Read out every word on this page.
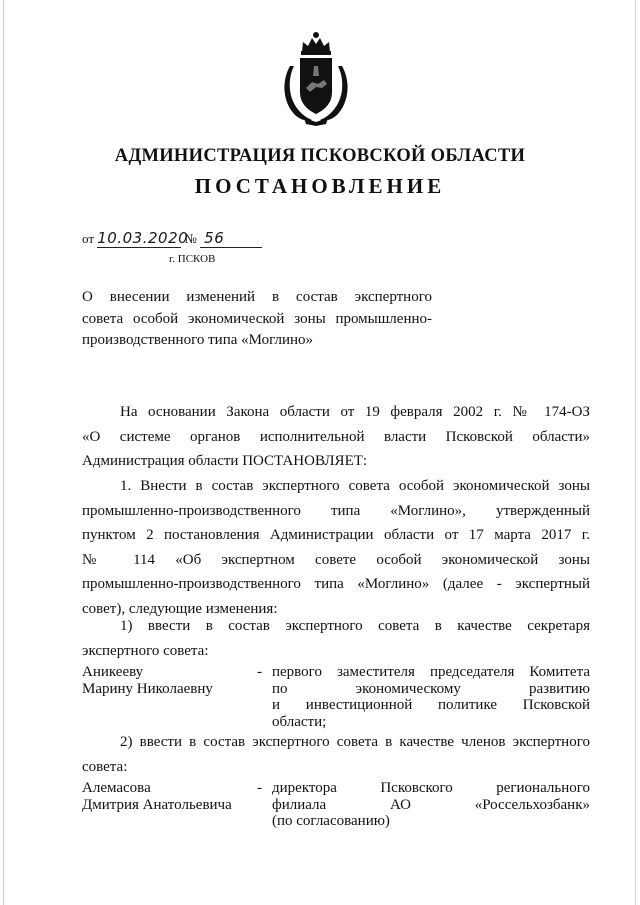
АДМИНИСТРАЦИЯ ПСКОВСКОЙ ОБЛАСТИ
ПОСТАНОВЛЕНИЕ
от 10.03.2020 № 56
г. ПСКОВ
О внесении изменений в состав экспертного
совета особой экономической зоны промышленно-
производственного типа «Моглино»
На основании Закона области от 19 февраля 2002 г. № 174-ОЗ
«О системе органов исполнительной власти Псковской области»
Администрация области ПОСТАНОВЛЯЕТ:
1. Внести в состав экспертного совета особой экономической зоны
промышленно-производственного типа «Моглино», утвержденный
пунктом 2 постановления Администрации области от 17 марта 2017 г.
№ 114 «Об экспертном совете особой экономической зоны
промышленно-производственного типа «Моглино» (далее - экспертный
совет), следующие изменения:
1) ввести в состав экспертного совета в качестве секретаря
экспертного совета:
Аникееву
Марину Николаевну
- первого заместителя председателя Комитета
по экономическому развитию
и инвестиционной политике Псковской
области;
2) ввести в состав экспертного совета в качестве членов экспертного
совета:
Алемасова
Дмитрия Анатольевича
- директора Псковского регионального
филиала АО «Россельхозбанк»
(по согласованию)
